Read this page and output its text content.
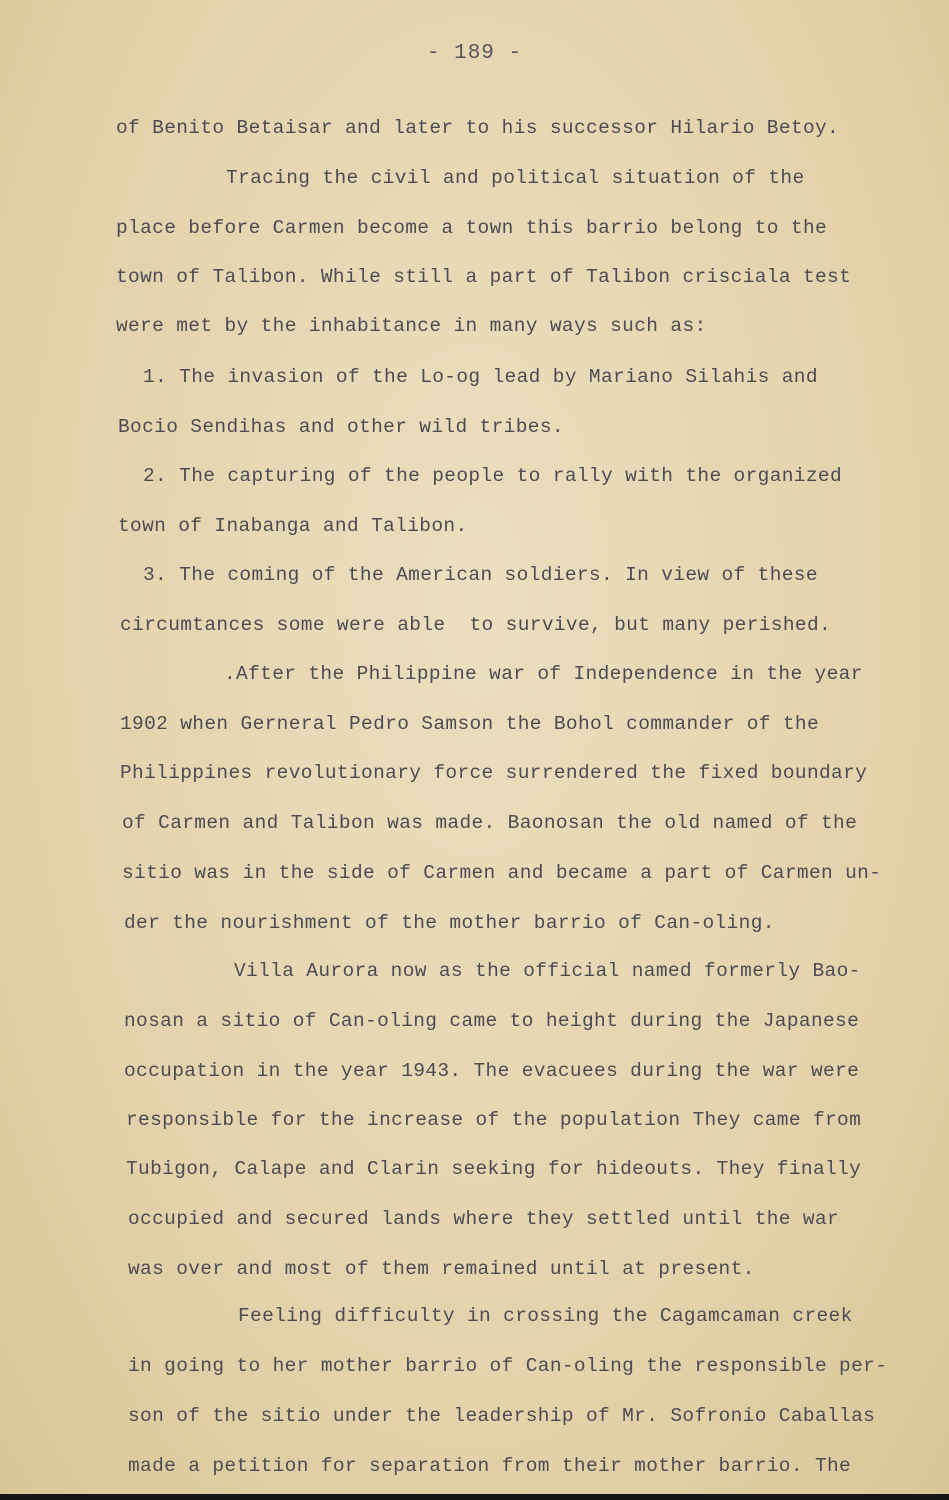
- 189 -
of Benito Betaisar and later to his successor Hilario Betoy.
Tracing the civil and political situation of the
place before Carmen become a town this barrio belong to the
town of Talibon. While still a part of Talibon crisciala test
were met by the inhabitance in many ways such as:
1. The invasion of the Lo-og lead by Mariano Silahis and
Bocio Sendihas and other wild tribes.
2. The capturing of the people to rally with the organized
town of Inabanga and Talibon.
3. The coming of the American soldiers. In view of these
circumtances some were able  to survive, but many perished.
.After the Philippine war of Independence in the year
1902 when Gerneral Pedro Samson the Bohol commander of the
Philippines revolutionary force surrendered the fixed boundary
of Carmen and Talibon was made. Baonosan the old named of the
sitio was in the side of Carmen and became a part of Carmen un-
der the nourishment of the mother barrio of Can-oling.
Villa Aurora now as the official named formerly Bao-
nosan a sitio of Can-oling came to height during the Japanese
occupation in the year 1943. The evacuees during the war were
responsible for the increase of the population They came from
Tubigon, Calape and Clarin seeking for hideouts. They finally
occupied and secured lands where they settled until the war
was over and most of them remained until at present.
Feeling difficulty in crossing the Cagamcaman creek
in going to her mother barrio of Can-oling the responsible per-
son of the sitio under the leadership of Mr. Sofronio Caballas
made a petition for separation from their mother barrio. The
